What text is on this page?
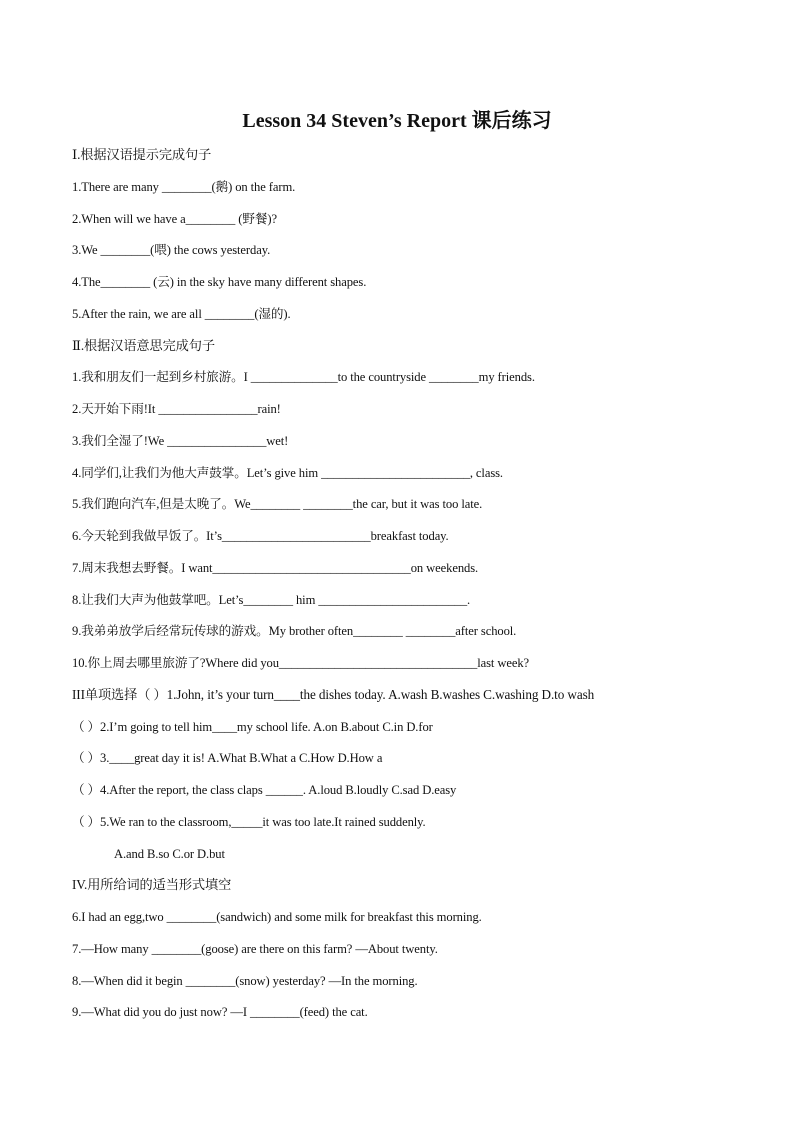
Lesson 34 Steven’s Report 课后练习
Ⅰ.根据汉语提示完成句子
1.There are many ________(鹅) on the farm.
2.When will we have a________ (野餐)?
3.We ________(喂) the cows yesterday.
4.The________ (云) in the sky have many different shapes.
5.After the rain, we are all ________(湿的).
Ⅱ.根据汉语意思完成句子
1.我和朋友们一起到乡村旅游。I ______________to the countryside ________my friends.
2.天开始下雨!It ________________rain!
3.我们全湿了!We ________________wet!
4.同学们,让我们为他大声鼓掌。Let’s give him ________________________, class.
5.我们跑向汽车,但是太晚了。We________ ________the car, but it was too late.
6.今天轮到我做早饭了。It’s________________________breakfast today.
7.周末我想去野餐。I want________________________________on weekends.
8.让我们大声为他鼓掌吧。Let’s________ him ________________________.
9.我弟弟放学后经常玩传球的游戏。My brother often________ ________after school.
10.你上周去哪里旅游了?Where did you________________________________last week?
III单项选择（ ）1.John, it’s your turn____the dishes today. A.wash B.washes C.washing D.to wash
（ ）2.I’m going to tell him____my school life. A.on B.about C.in D.for
（ ）3.____great day it is! A.What B.What a C.How D.How a
（ ）4.After the report, the class claps ______. A.loud B.loudly C.sad D.easy
（ ）5.We ran to the classroom,_____it was too late.It rained suddenly.
A.and B.so C.or D.but
IV.用所给词的适当形式填空
6.I had an egg,two ________(sandwich) and some milk for breakfast this morning.
7.—How many ________(goose) are there on this farm? —About twenty.
8.—When did it begin ________(snow) yesterday? —In the morning.
9.—What did you do just now? —I ________(feed) the cat.
